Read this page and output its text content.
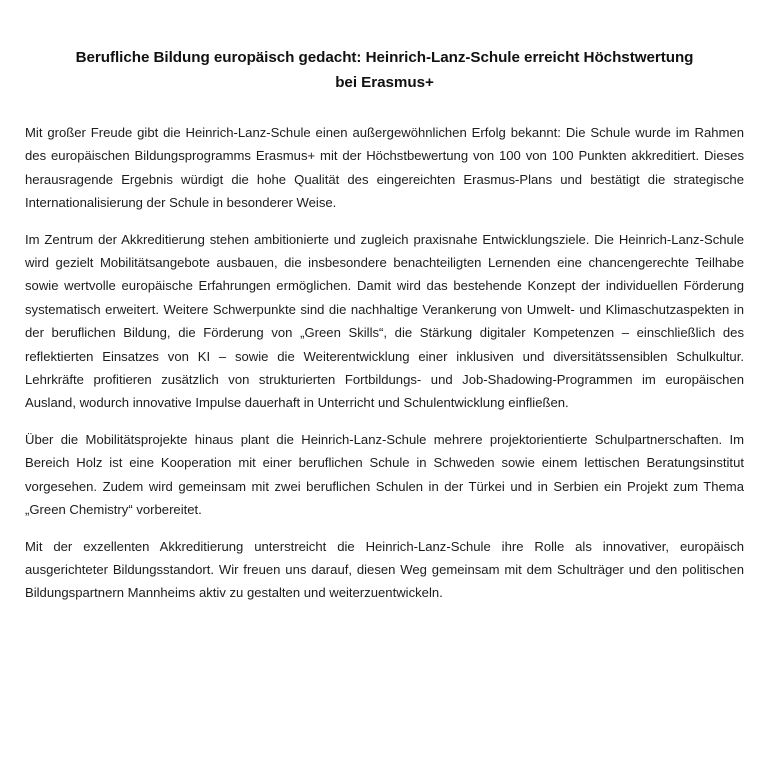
Berufliche Bildung europäisch gedacht: Heinrich-Lanz-Schule erreicht Höchstwertung
bei Erasmus+

Mit großer Freude gibt die Heinrich-Lanz-Schule einen außergewöhnlichen Erfolg bekannt: Die Schule wurde im Rahmen des europäischen Bildungsprogramms Erasmus+ mit der Höchstbewertung von 100 von 100 Punkten akkreditiert. Dieses herausragende Ergebnis würdigt die hohe Qualität des eingereichten Erasmus-Plans und bestätigt die strategische Internationalisierung der Schule in besonderer Weise.

Im Zentrum der Akkreditierung stehen ambitionierte und zugleich praxisnahe Entwicklungsziele. Die Heinrich-Lanz-Schule wird gezielt Mobilitätsangebote ausbauen, die insbesondere benachteiligten Lernenden eine chancengerechte Teilhabe sowie wertvolle europäische Erfahrungen ermöglichen. Damit wird das bestehende Konzept der individuellen Förderung systematisch erweitert. Weitere Schwerpunkte sind die nachhaltige Verankerung von Umwelt- und Klimaschutzaspekten in der beruflichen Bildung, die Förderung von „Green Skills“, die Stärkung digitaler Kompetenzen – einschließlich des reflektierten Einsatzes von KI – sowie die Weiterentwicklung einer inklusiven und diversitätssensiblen Schulkultur. Lehrkräfte profitieren zusätzlich von strukturierten Fortbildungs- und Job-Shadowing-Programmen im europäischen Ausland, wodurch innovative Impulse dauerhaft in Unterricht und Schulentwicklung einfließen.

Über die Mobilitätsprojekte hinaus plant die Heinrich-Lanz-Schule mehrere projektorientierte Schulpartnerschaften. Im Bereich Holz ist eine Kooperation mit einer beruflichen Schule in Schweden sowie einem lettischen Beratungsinstitut vorgesehen. Zudem wird gemeinsam mit zwei beruflichen Schulen in der Türkei und in Serbien ein Projekt zum Thema „Green Chemistry“ vorbereitet.

Mit der exzellenten Akkreditierung unterstreicht die Heinrich-Lanz-Schule ihre Rolle als innovativer, europäisch ausgerichteter Bildungsstandort. Wir freuen uns darauf, diesen Weg gemeinsam mit dem Schulträger und den politischen Bildungspartnern Mannheims aktiv zu gestalten und weiterzuentwickeln.
